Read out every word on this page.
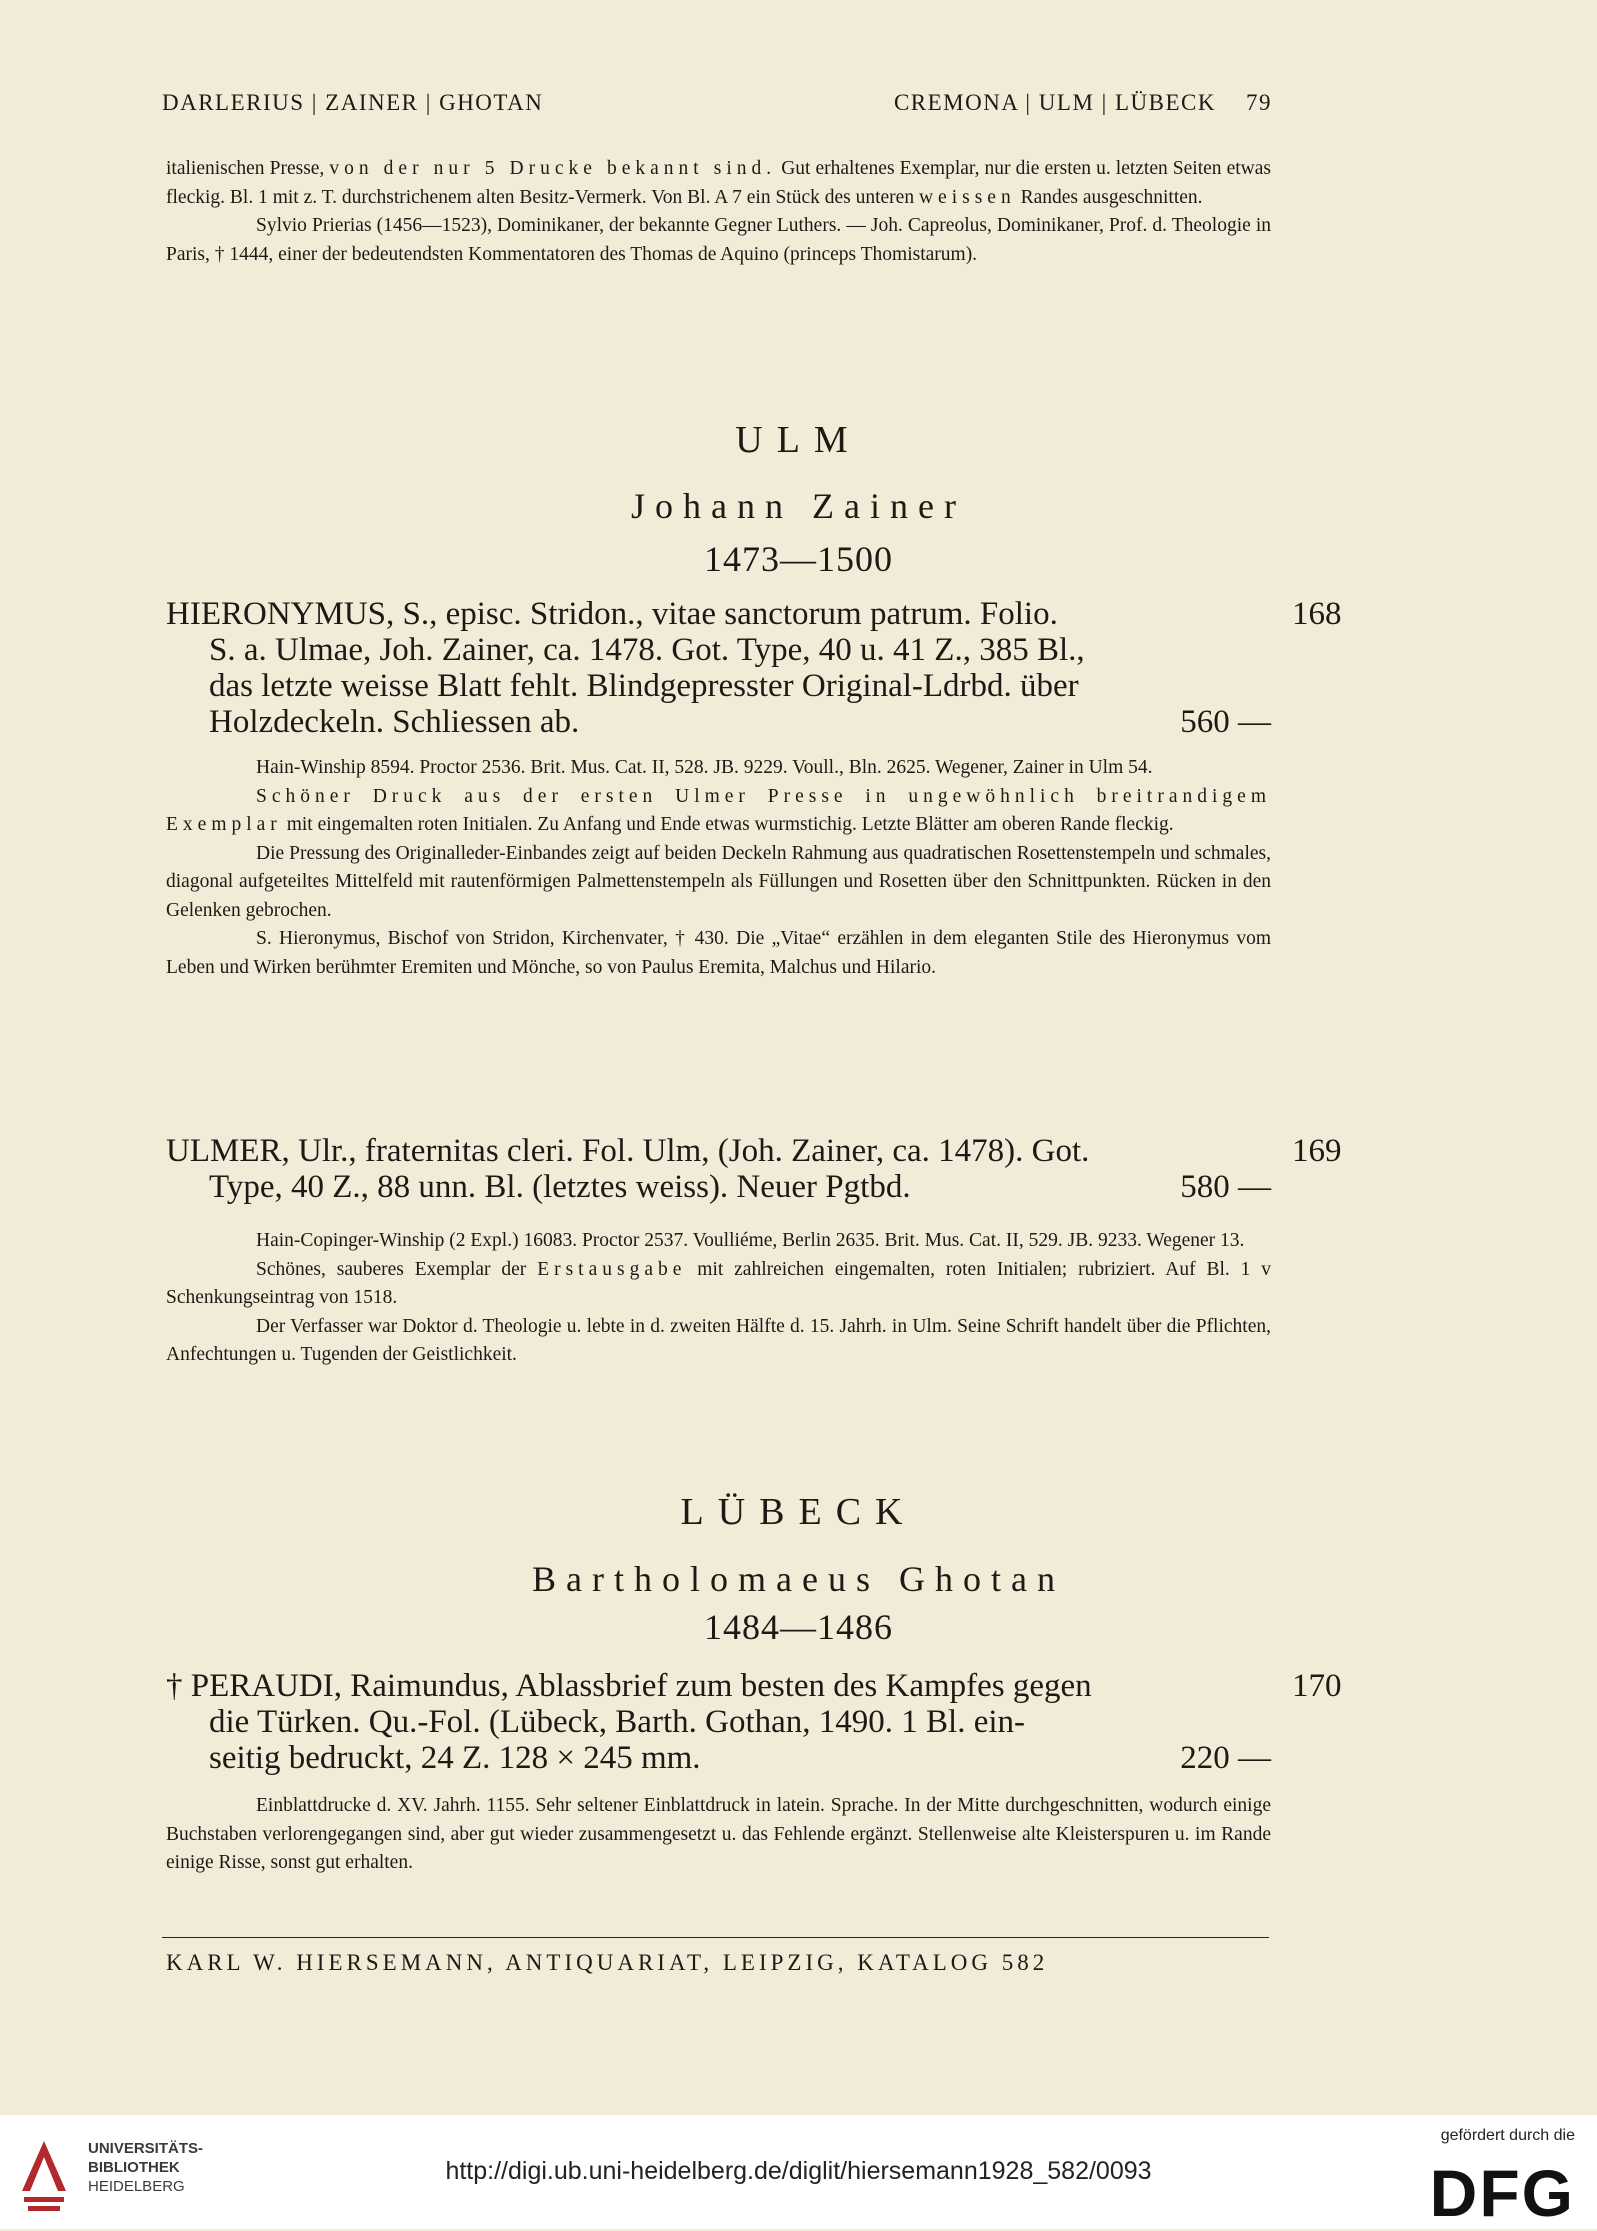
DARLERIUS | ZAINER | GHOTAN	CREMONA | ULM | LÜBECK 79

italienischen Presse, von der nur 5 Drucke bekannt sind. Gut erhaltenes Exemplar, nur die ersten u. letzten Seiten etwas fleckig. Bl. 1 mit z. T. durchstrichenem alten Besitz-Vermerk. Von Bl. A 7 ein Stück des unteren weissen Randes ausgeschnitten.

Sylvio Prierias (1456—1523), Dominikaner, der bekannte Gegner Luthers. — Joh. Capreolus, Dominikaner, Prof. d. Theologie in Paris, † 1444, einer der bedeutendsten Kommentatoren des Thomas de Aquino (princeps Thomistarum).

ULM
Johann Zainer
1473—1500
HIERONYMUS, S., episc. Stridon., vitae sanctorum patrum. Folio.
S. a. Ulmae, Joh. Zainer, ca. 1478. Got. Type, 40 u. 41 Z., 385 Bl.,
das letzte weisse Blatt fehlt. Blindgepresster Original-Ldrbd. über
Holzdeckeln. Schliessen ab.	560 —
168

Hain-Winship 8594. Proctor 2536. Brit. Mus. Cat. II, 528. JB. 9229. Voull., Bln. 2625. Wegener, Zainer in Ulm 54.

Schöner Druck aus der ersten Ulmer Presse in ungewöhnlich breitrandigem Exemplar mit eingemalten roten Initialen. Zu Anfang und Ende etwas wurmstichig. Letzte Blätter am oberen Rande fleckig.

Die Pressung des Originalleder-Einbandes zeigt auf beiden Deckeln Rahmung aus quadratischen Rosettenstempeln und schmales, diagonal aufgeteiltes Mittelfeld mit rautenförmigen Palmettenstempeln als Füllungen und Rosetten über den Schnittpunkten. Rücken in den Gelenken gebrochen.

S. Hieronymus, Bischof von Stridon, Kirchenvater, † 430. Die „Vitae“ erzählen in dem eleganten Stile des Hieronymus vom Leben und Wirken berühmter Eremiten und Mönche, so von Paulus Eremita, Malchus und Hilario.

ULMER, Ulr., fraternitas cleri. Fol. Ulm, (Joh. Zainer, ca. 1478). Got.
Type, 40 Z., 88 unn. Bl. (letztes weiss). Neuer Pgtbd.	580 —
169

Hain-Copinger-Winship (2 Expl.) 16083. Proctor 2537. Voulliéme, Berlin 2635. Brit. Mus. Cat. II, 529. JB. 9233. Wegener 13.

Schönes, sauberes Exemplar der Erstausgabe mit zahlreichen eingemalten, roten Initialen; rubriziert. Auf Bl. 1 v Schenkungseintrag von 1518.

Der Verfasser war Doktor d. Theologie u. lebte in d. zweiten Hälfte d. 15. Jahrh. in Ulm. Seine Schrift handelt über die Pflichten, Anfechtungen u. Tugenden der Geistlichkeit.

LÜBECK
Bartholomaeus Ghotan
1484—1486
† PERAUDI, Raimundus, Ablassbrief zum besten des Kampfes gegen
die Türken. Qu.-Fol. (Lübeck, Barth. Gothan, 1490. 1 Bl. ein-
seitig bedruckt, 24 Z. 128 × 245 mm.	220 —
170

Einblattdrucke d. XV. Jahrh. 1155. Sehr seltener Einblattdruck in latein. Sprache. In der Mitte durchgeschnitten, wodurch einige Buchstaben verlorengegangen sind, aber gut wieder zusammengesetzt u. das Fehlende ergänzt. Stellenweise alte Kleisterspuren u. im Rande einige Risse, sonst gut erhalten.

KARL W. HIERSEMANN, ANTIQUARIAT, LEIPZIG, KATALOG 582
UNIVERSITÄTS-
BIBLIOTHEK
HEIDELBERG
http://digi.ub.uni-heidelberg.de/diglit/hiersemann1928_582/0093
gefördert durch die
DFG
